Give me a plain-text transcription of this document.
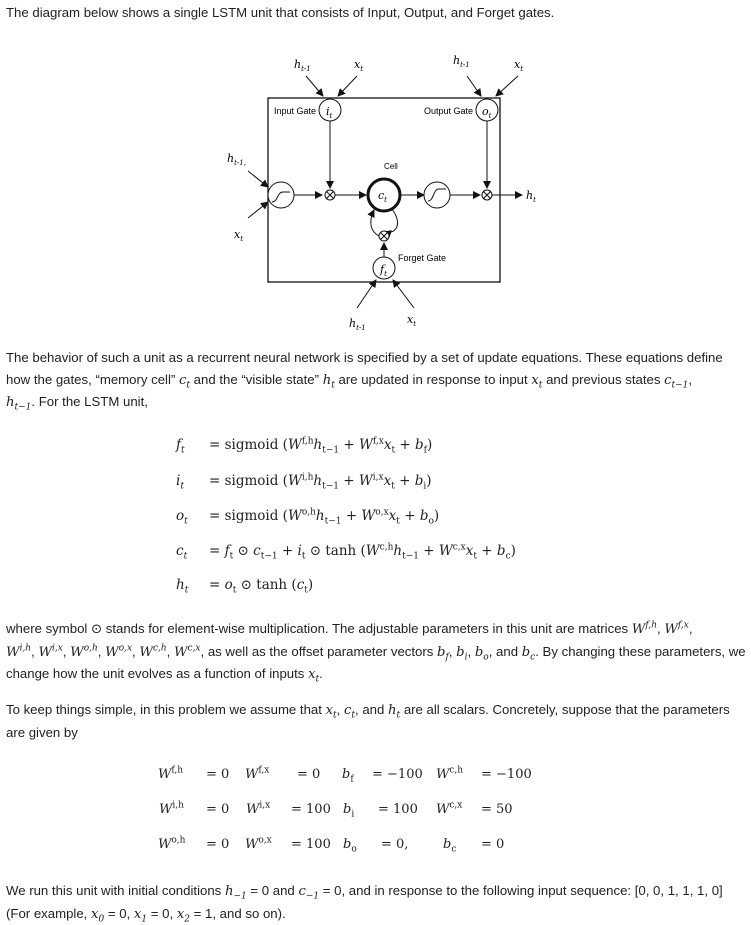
The diagram below shows a single LSTM unit that consists of Input, Output, and Forget gates.
Input Gate $i_t$	Output Gate $o_t$
$h_{t-1}$	$x_t$
$h_{t-1}$	$x_t$
$h_{t-1,}$
$x_t$
Cell
$c_t$
$f_t$
Forget Gate
$h_{t-1}$
$x_t$
$h_t$
The behavior of such a unit as a recurrent neural network is specified by a set of update equations. These equations define how the gates, “memory cell” $c_t$ and the “visible state” $h_t$ are updated in response to input $x_t$ and previous states $c_{t-1}$,
$h_{t-1}$. For the LSTM unit,
$f_t$ = sigmoid $(W^{f,h}h_{t-1} + W^{f,x}x_t + b_f)$
$i_t$ = sigmoid $(W^{i,h}h_{t-1} + W^{i,x}x_t + b_i)$
$o_t$ = sigmoid $(W^{o,h}h_{t-1} + W^{o,x}x_t + b_o)$
$c_t = f_t$ ⊙ $c_{t-1} + i_t$ ⊙ $\tanh (W^{c,h}h_{t-1} + W^{c,x}x_t + b_c)$
$h_t = o_t$ ⊙ $\tanh (c_t)$
where symbol ⊙ stands for element-wise multiplication. The adjustable parameters in this unit are matrices W$^{f,h}$, W$^{f,x}$,
W$^{i,h}$, W$^{i,x}$, W$^{o,h}$, W$^{o,x}$, W$^{c,h}$, W$^{c,x}$, as well as the offset parameter vectors $b_f$, $b_i$, $b_o$, and $b_c$. By changing these parameters, we change how the unit evolves as a function of inputs $x_t$.
To keep things simple, in this problem we assume that $x_t$, $c_t$, and $h_t$ are all scalars. Concretely, suppose that the parameters are given by
W$^{f,h}$ = 0 W$^{f,x}$ = 0 $b_f = -100$ W$^{c,h}$ = −100
W$^{i,h}$ = 0 W$^{i,x}$ = 100 $b_i = 100$ W$^{c,x}$ = 50
W$^{o,h}$ = 0 W$^{o,x}$ = 100 $b_o = 0$,	$b_c = 0$
We run this unit with initial conditions $h_{-1} = 0$ and $c_{-1} = 0$, and in response to the following input sequence: [0, 0, 1, 1, 1, 0] (For example, $x_0 = 0$, $x_1 = 0$, $x_2 = 1$, and so on).
